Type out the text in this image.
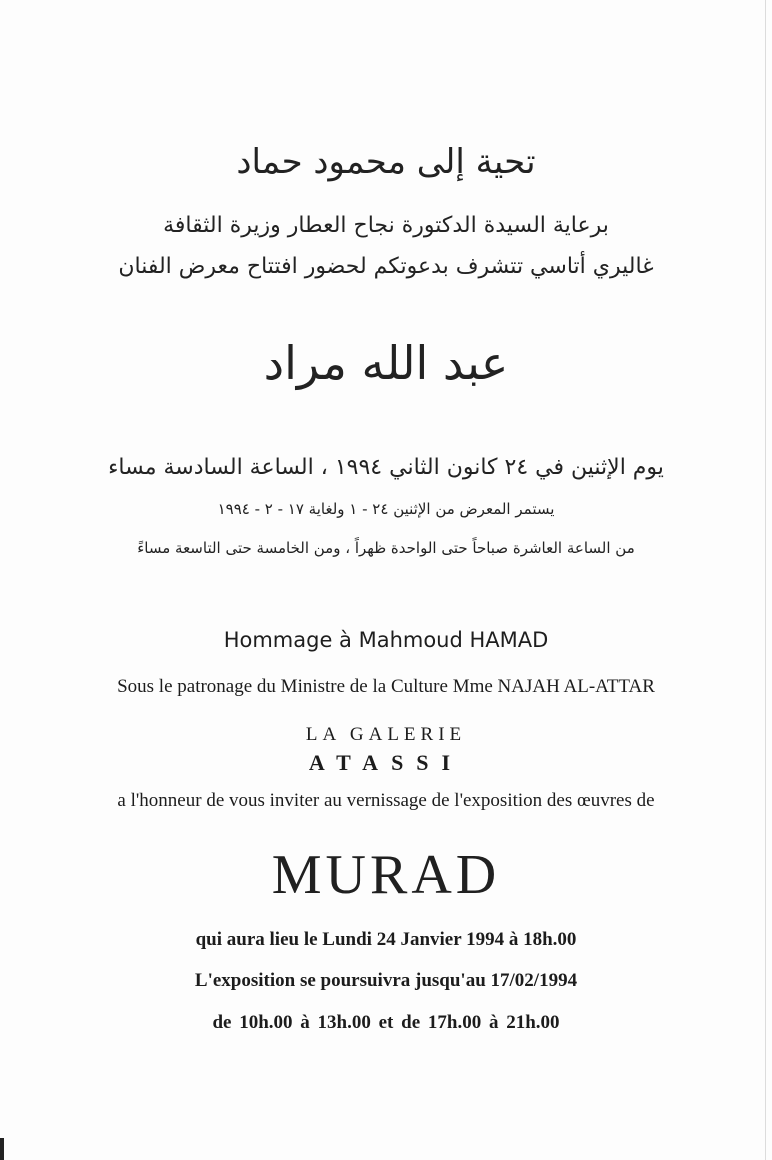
تحية إلى محمود حماد
برعاية السيدة الدكتورة نجاح العطار وزيرة الثقافة
غاليري أتاسي تتشرف بدعوتكم لحضور افتتاح معرض الفنان
عبد الله مراد
يوم الإثنين في ٢٤ كانون الثاني ١٩٩٤ ، الساعة السادسة مساء
يستمر المعرض من الإثنين ٢٤ - ١ ولغاية ١٧ - ٢ - ١٩٩٤
من الساعة العاشرة صباحاً حتى الواحدة ظهراً ، ومن الخامسة حتى التاسعة مساءً
Hommage à Mahmoud HAMAD
Sous le patronage du Ministre de la Culture Mme NAJAH AL-ATTAR
LA GALERIE
ATASSI
a l'honneur de vous inviter au vernissage de l'exposition des œuvres de
MURAD
qui aura lieu le Lundi 24 Janvier 1994 à 18h.00
L'exposition se poursuivra jusqu'au 17/02/1994
de 10h.00 à 13h.00 et de 17h.00 à 21h.00
